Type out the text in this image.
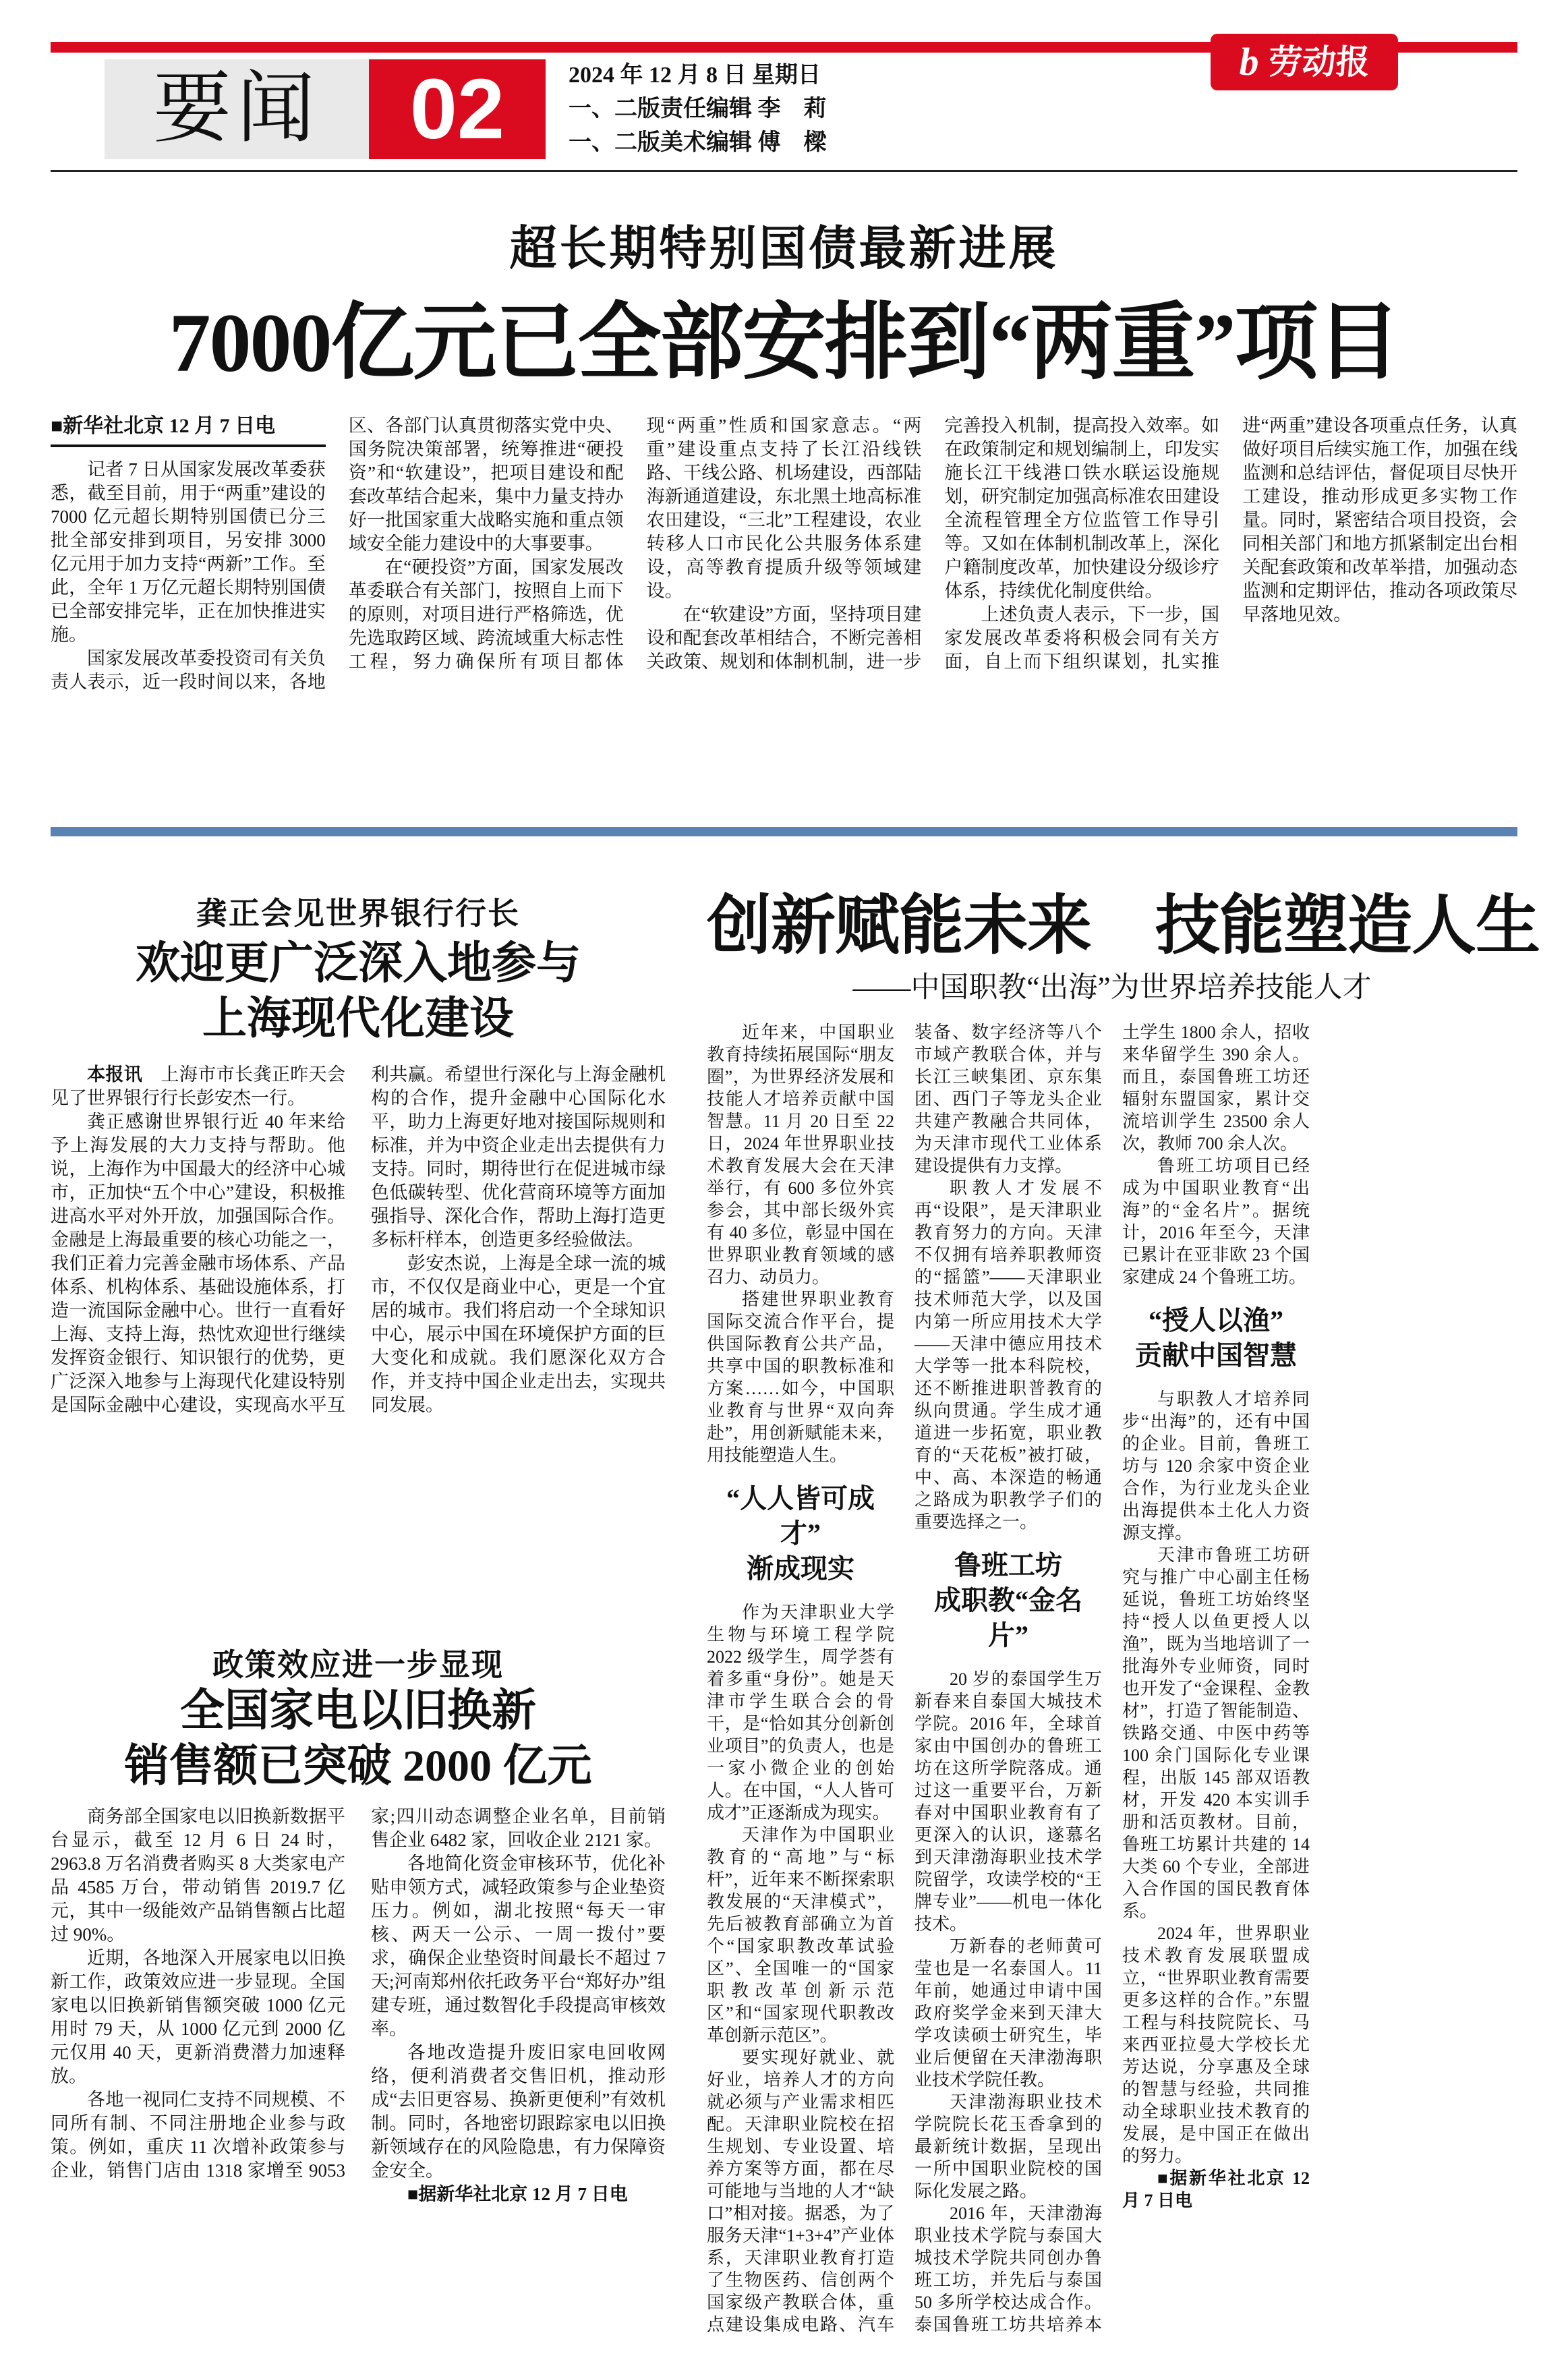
b 劳动报
要闻 02	2024 年 12 月 8 日 星期日
一、二版责任编辑 李　莉
一、二版美术编辑 傅　樑
超长期特别国债最新进展
7000亿元已全部安排到“两重”项目
■新华社北京 12 月 7 日电

记者 7 日从国家发展改革委获悉，截至目前，用于“两重”建设的 7000 亿元超长期特别国债已分三批全部安排到项目，另安排 3000 亿元用于加力支持“两新”工作。至此，全年 1 万亿元超长期特别国债已全部安排完毕，正在加快推进实施。

国家发展改革委投资司有关负责人表示，近一段时间以来，各地区、各部门认真贯彻落实党中央、国务院决策部署，统筹推进“硬投资”和“软建设”，把项目建设和配套改革结合起来，集中力量支持办好一批国家重大战略实施和重点领域安全能力建设中的大事要事。

在“硬投资”方面，国家发展改革委联合有关部门，按照自上而下的原则，对项目进行严格筛选，优先选取跨区域、跨流域重大标志性工程，努力确保所有项目都体现“两重”性质和国家意志。“两重”建设重点支持了长江沿线铁路、干线公路、机场建设，西部陆海新通道建设，东北黑土地高标准农田建设，“三北”工程建设，农业转移人口市民化公共服务体系建设，高等教育提质升级等领域建设。

在“软建设”方面，坚持项目建设和配套改革相结合，不断完善相关政策、规划和体制机制，进一步完善投入机制，提高投入效率。如在政策制定和规划编制上，印发实施长江干线港口铁水联运设施规划，研究制定加强高标准农田建设全流程管理全方位监管工作导引等。又如在体制机制改革上，深化户籍制度改革，加快建设分级诊疗体系，持续优化制度供给。

上述负责人表示，下一步，国家发展改革委将积极会同有关方面，自上而下组织谋划，扎实推进“两重”建设各项重点任务，认真做好项目后续实施工作，加强在线监测和总结评估，督促项目尽快开工建设，推动形成更多实物工作量。同时，紧密结合项目投资，会同相关部门和地方抓紧制定出台相关配套政策和改革举措，加强动态监测和定期评估，推动各项政策尽早落地见效。

龚正会见世界银行行长
欢迎更广泛深入地参与
上海现代化建设

本报讯　上海市市长龚正昨天会见了世界银行行长彭安杰一行。

龚正感谢世界银行近 40 年来给予上海发展的大力支持与帮助。他说，上海作为中国最大的经济中心城市，正加快“五个中心”建设，积极推进高水平对外开放，加强国际合作。金融是上海最重要的核心功能之一，我们正着力完善金融市场体系、产品体系、机构体系、基础设施体系，打造一流国际金融中心。世行一直看好上海、支持上海，热忱欢迎世行继续发挥资金银行、知识银行的优势，更广泛深入地参与上海现代化建设特别是国际金融中心建设，实现高水平互利共赢。希望世行深化与上海金融机构的合作，提升金融中心国际化水平，助力上海更好地对接国际规则和标准，并为中资企业走出去提供有力支持。同时，期待世行在促进城市绿色低碳转型、优化营商环境等方面加强指导、深化合作，帮助上海打造更多标杆样本，创造更多经验做法。

彭安杰说，上海是全球一流的城市，不仅仅是商业中心，更是一个宜居的城市。我们将启动一个全球知识中心，展示中国在环境保护方面的巨大变化和成就。我们愿深化双方合作，并支持中国企业走出去，实现共同发展。

政策效应进一步显现
全国家电以旧换新
销售额已突破 2000 亿元

商务部全国家电以旧换新数据平台显示，截至 12 月 6 日 24 时，2963.8 万名消费者购买 8 大类家电产品 4585 万台，带动销售 2019.7 亿元，其中一级能效产品销售额占比超过 90%。

近期，各地深入开展家电以旧换新工作，政策效应进一步显现。全国家电以旧换新销售额突破 1000 亿元用时 79 天，从 1000 亿元到 2000 亿元仅用 40 天，更新消费潜力加速释放。

各地一视同仁支持不同规模、不同所有制、不同注册地企业参与政策。例如，重庆 11 次增补政策参与企业，销售门店由 1318 家增至 9053 家;四川动态调整企业名单，目前销售企业 6482 家，回收企业 2121 家。

各地简化资金审核环节，优化补贴申领方式，减轻政策参与企业垫资压力。例如，湖北按照“每天一审核、两天一公示、一周一拨付”要求，确保企业垫资时间最长不超过 7 天;河南郑州依托政务平台“郑好办”组建专班，通过数智化手段提高审核效率。

各地改造提升废旧家电回收网络，便利消费者交售旧机，推动形成“去旧更容易、换新更便利”有效机制。同时，各地密切跟踪家电以旧换新领域存在的风险隐患，有力保障资金安全。

■据新华社北京 12 月 7 日电

创新赋能未来　技能塑造人生
——中国职教“出海”为世界培养技能人才

近年来，中国职业教育持续拓展国际“朋友圈”，为世界经济发展和技能人才培养贡献中国智慧。11 月 20 日至 22 日，2024 年世界职业技术教育发展大会在天津举行，有 600 多位外宾参会，其中部长级外宾有 40 多位，彰显中国在世界职业教育领域的感召力、动员力。

搭建世界职业教育国际交流合作平台，提供国际教育公共产品，共享中国的职教标准和方案……如今，中国职业教育与世界“双向奔赴”，用创新赋能未来，用技能塑造人生。

“人人皆可成才”
渐成现实

作为天津职业大学生物与环境工程学院 2022 级学生，周学荟有着多重“身份”。她是天津市学生联合会的骨干，是“恰如其分创新创业项目”的负责人，也是一家小微企业的创始人。在中国，“人人皆可成才”正逐渐成为现实。

天津作为中国职业教育的“高地”与“标杆”，近年来不断探索职教发展的“天津模式”，先后被教育部确立为首个“国家职教改革试验区”、全国唯一的“国家职教改革创新示范区”和“国家现代职教改革创新示范区”。

要实现好就业、就好业，培养人才的方向就必须与产业需求相匹配。天津职业院校在招生规划、专业设置、培养方案等方面，都在尽可能地与当地的人才“缺口”相对接。据悉，为了服务天津“1+3+4”产业体系，天津职业教育打造了生物医药、信创两个国家级产教联合体，重点建设集成电路、汽车装备、数字经济等八个市域产教联合体，并与长江三峡集团、京东集团、西门子等龙头企业共建产教融合共同体，为天津市现代工业体系建设提供有力支撑。

职教人才发展不再“设限”，是天津职业教育努力的方向。天津不仅拥有培养职教师资的“摇篮”——天津职业技术师范大学，以及国内第一所应用技术大学——天津中德应用技术大学等一批本科院校，还不断推进职普教育的纵向贯通。学生成才通道进一步拓宽，职业教育的“天花板”被打破，中、高、本深造的畅通之路成为职教学子们的重要选择之一。

鲁班工坊
成职教“金名片”

20 岁的泰国学生万新春来自泰国大城技术学院。2016 年，全球首家由中国创办的鲁班工坊在这所学院落成。通过这一重要平台，万新春对中国职业教育有了更深入的认识，遂慕名到天津渤海职业技术学院留学，攻读学校的“王牌专业”——机电一体化技术。

万新春的老师黄可莹也是一名泰国人。11 年前，她通过申请中国政府奖学金来到天津大学攻读硕士研究生，毕业后便留在天津渤海职业技术学院任教。

天津渤海职业技术学院院长花玉香拿到的最新统计数据，呈现出一所中国职业院校的国际化发展之路。

2016 年，天津渤海职业技术学院与泰国大城技术学院共同创办鲁班工坊，并先后与泰国 50 多所学校达成合作。泰国鲁班工坊共培养本土学生 1800 余人，招收来华留学生 390 余人。而且，泰国鲁班工坊还辐射东盟国家，累计交流培训学生 23500 余人次，教师 700 余人次。

鲁班工坊项目已经成为中国职业教育“出海”的“金名片”。据统计，2016 年至今，天津已累计在亚非欧 23 个国家建成 24 个鲁班工坊。

“授人以渔”
贡献中国智慧

与职教人才培养同步“出海”的，还有中国的企业。目前，鲁班工坊与 120 余家中资企业合作，为行业龙头企业出海提供本土化人力资源支撑。

天津市鲁班工坊研究与推广中心副主任杨延说，鲁班工坊始终坚持“授人以鱼更授人以渔”，既为当地培训了一批海外专业师资，同时也开发了“金课程、金教材”，打造了智能制造、铁路交通、中医中药等 100 余门国际化专业课程，出版 145 部双语教材，开发 420 本实训手册和活页教材。目前，鲁班工坊累计共建的 14 大类 60 个专业，全部进入合作国的国民教育体系。

2024 年，世界职业技术教育发展联盟成立，“世界职业教育需要更多这样的合作。”东盟工程与科技院院长、马来西亚拉曼大学校长尤芳达说，分享惠及全球的智慧与经验，共同推动全球职业技术教育的发展，是中国正在做出的努力。

■据新华社北京 12 月 7 日电
